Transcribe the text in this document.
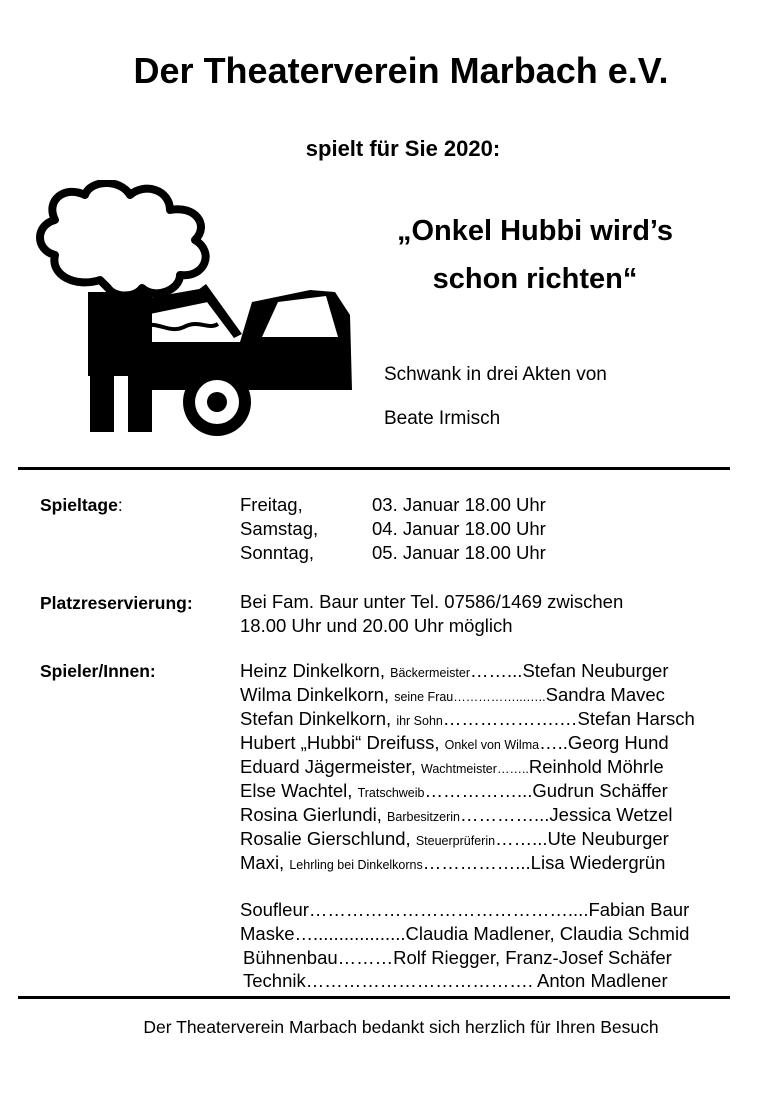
Der Theaterverein Marbach e.V.
spielt für Sie 2020:
„Onkel Hubbi wird’s
schon richten“
Schwank in drei Akten von
Beate Irmisch
Spieltage:	Freitag,	03. Januar 18.00 Uhr
Samstag,	04. Januar 18.00 Uhr
Sonntag,	05. Januar 18.00 Uhr
Platzreservierung:	Bei Fam. Baur unter Tel. 07586/1469 zwischen
18.00 Uhr und 20.00 Uhr möglich
Spieler/Innen:	Heinz Dinkelkorn, Bäckermeister……...Stefan Neuburger
Wilma Dinkelkorn, seine Frau……………...…..Sandra Mavec
Stefan Dinkelkorn, ihr Sohn……………….…Stefan Harsch
Hubert „Hubbi“ Dreifuss, Onkel von Wilma…..Georg Hund
Eduard Jägermeister, Wachtmeister……..Reinhold Möhrle
Else Wachtel, Tratschweib……………...Gudrun Schäffer
Rosina Gierlundi, Barbesitzerin…………...Jessica Wetzel
Rosalie Gierschlund, Steuerprüferin……...Ute Neuburger
Maxi, Lehrling bei Dinkelkorns……………...Lisa Wiedergrün
Soufleur……………………………………....Fabian Baur
Maske…..................Claudia Madlener, Claudia Schmid
Bühnenbau………Rolf Riegger, Franz-Josef Schäfer
Technik………………………………. Anton Madlener
Der Theaterverein Marbach bedankt sich herzlich für Ihren Besuch
